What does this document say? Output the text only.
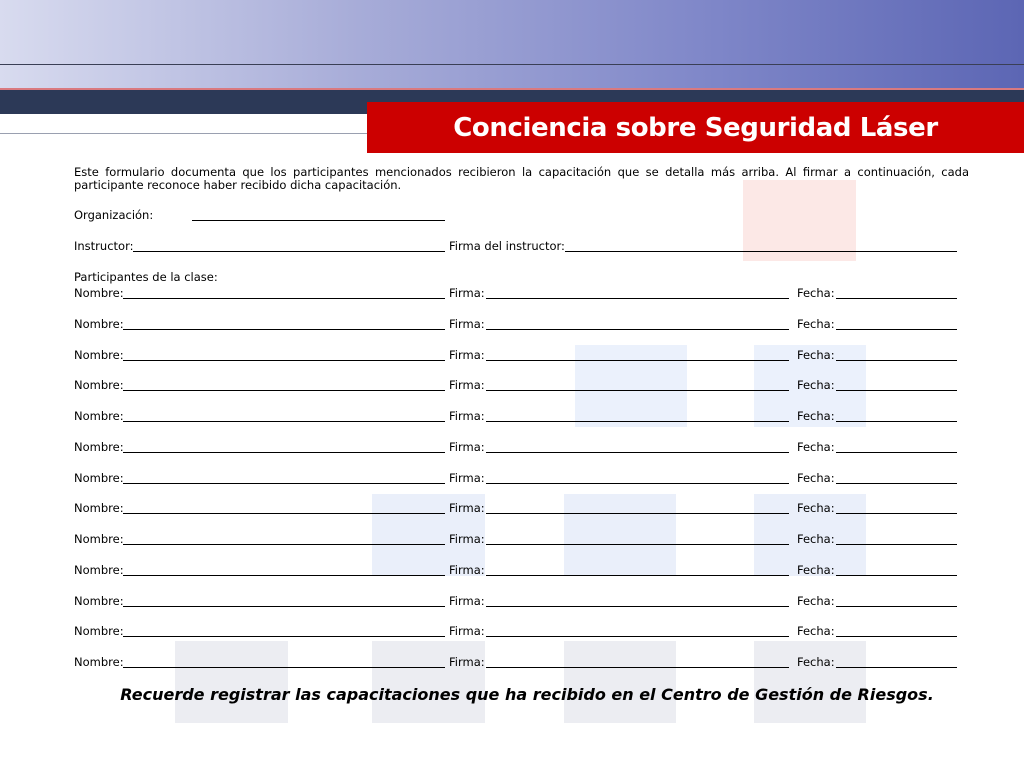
Conciencia sobre Seguridad Láser
Este formulario documenta que los participantes mencionados recibieron la capacitación que se detalla más arriba. Al firmar a continuación, cada participante reconoce haber recibido dicha capacitación.
Organización:
Instructor:	Firma del instructor:
Participantes de la clase:
Nombre:	Firma:	Fecha:
Nombre:	Firma:	Fecha:
Nombre:	Firma:	Fecha:
Nombre:	Firma:	Fecha:
Nombre:	Firma:	Fecha:
Nombre:	Firma:	Fecha:
Nombre:	Firma:	Fecha:
Nombre:	Firma:	Fecha:
Nombre:	Firma:	Fecha:
Nombre:	Firma:	Fecha:
Nombre:	Firma:	Fecha:
Nombre:	Firma:	Fecha:
Nombre:	Firma:	Fecha:
Recuerde registrar las capacitaciones que ha recibido en el Centro de Gestión de Riesgos.
